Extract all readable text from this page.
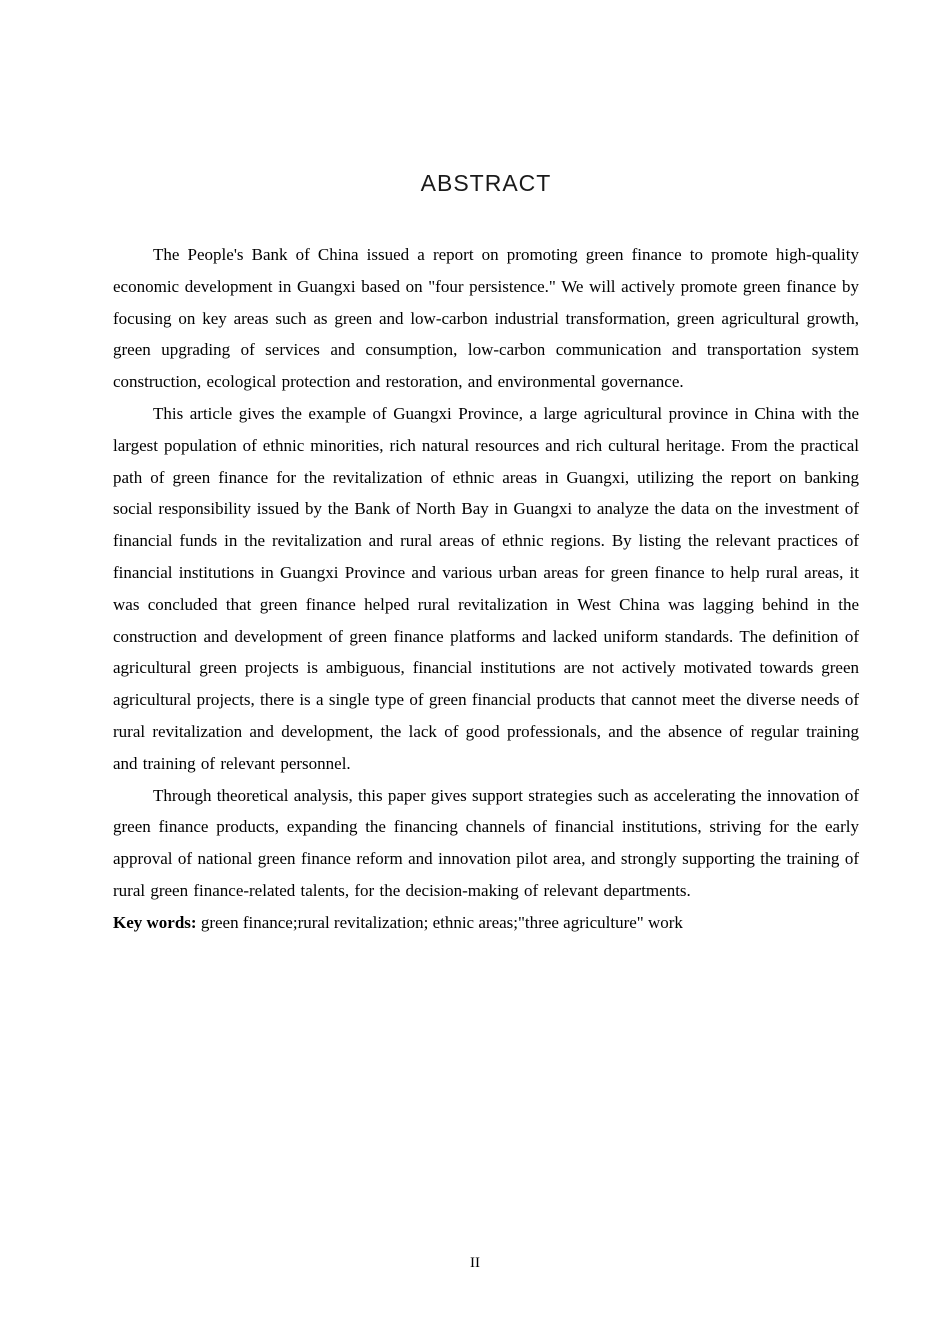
ABSTRACT

The People's Bank of China issued a report on promoting green finance to promote high-quality economic development in Guangxi based on "four persistence." We will actively promote green finance by focusing on key areas such as green and low-carbon industrial transformation, green agricultural growth, green upgrading of services and consumption, low-carbon communication and transportation system construction, ecological protection and restoration, and environmental governance.

This article gives the example of Guangxi Province, a large agricultural province in China with the largest population of ethnic minorities, rich natural resources and rich cultural heritage. From the practical path of green finance for the revitalization of ethnic areas in Guangxi, utilizing the report on banking social responsibility issued by the Bank of North Bay in Guangxi to analyze the data on the investment of financial funds in the revitalization and rural areas of ethnic regions. By listing the relevant practices of financial institutions in Guangxi Province and various urban areas for green finance to help rural areas, it was concluded that green finance helped rural revitalization in West China was lagging behind in the construction and development of green finance platforms and lacked uniform standards. The definition of agricultural green projects is ambiguous, financial institutions are not actively motivated towards green agricultural projects, there is a single type of green financial products that cannot meet the diverse needs of rural revitalization and development, the lack of good professionals, and the absence of regular training and training of relevant personnel.

Through theoretical analysis, this paper gives support strategies such as accelerating the innovation of green finance products, expanding the financing channels of financial institutions, striving for the early approval of national green finance reform and innovation pilot area, and strongly supporting the training of rural green finance-related talents, for the decision-making of relevant departments.

Key words: green finance;rural revitalization; ethnic areas;"three agriculture" work

II
